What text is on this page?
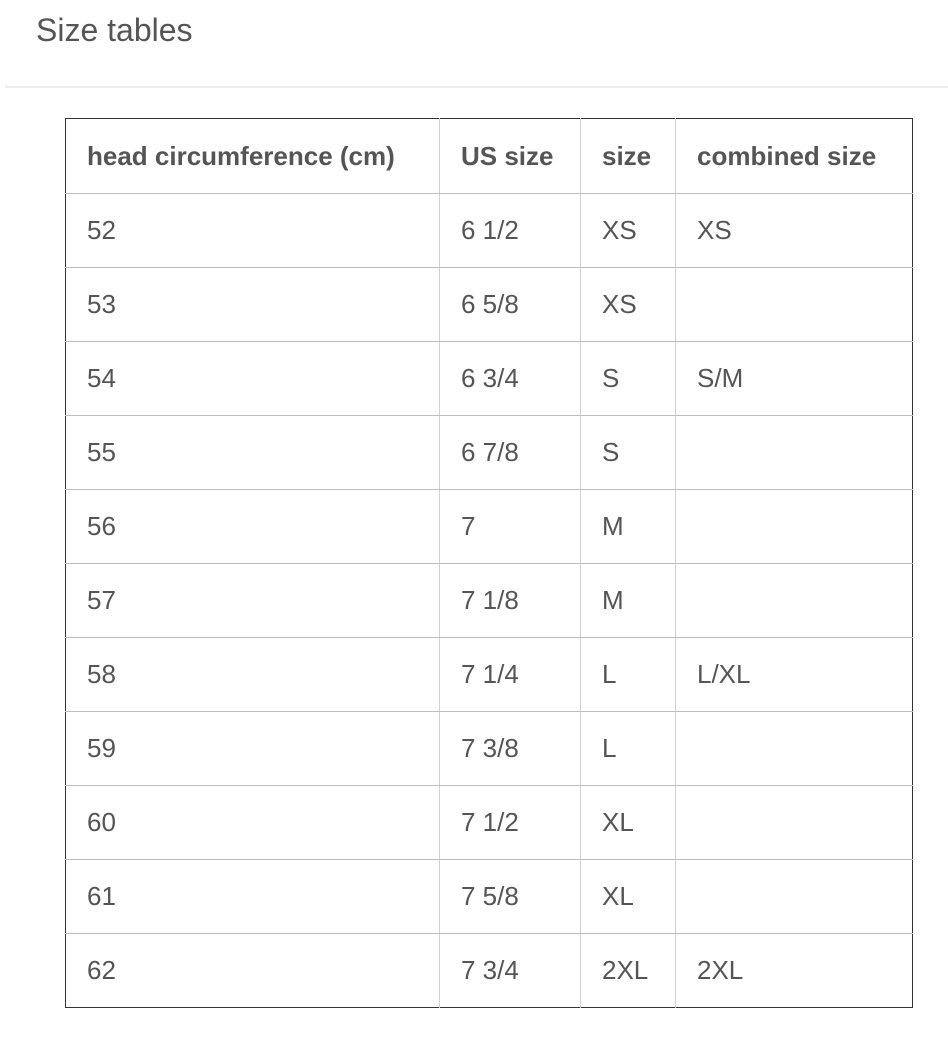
Size tables
head circumference (cm)	US size	size	combined size
52	6 1/2	XS	XS
53	6 5/8	XS	
54	6 3/4	S	S/M
55	6 7/8	S	
56	7	M	
57	7 1/8	M	
58	7 1/4	L	L/XL
59	7 3/8	L	
60	7 1/2	XL	
61	7 5/8	XL	
62	7 3/4	2XL	2XL
